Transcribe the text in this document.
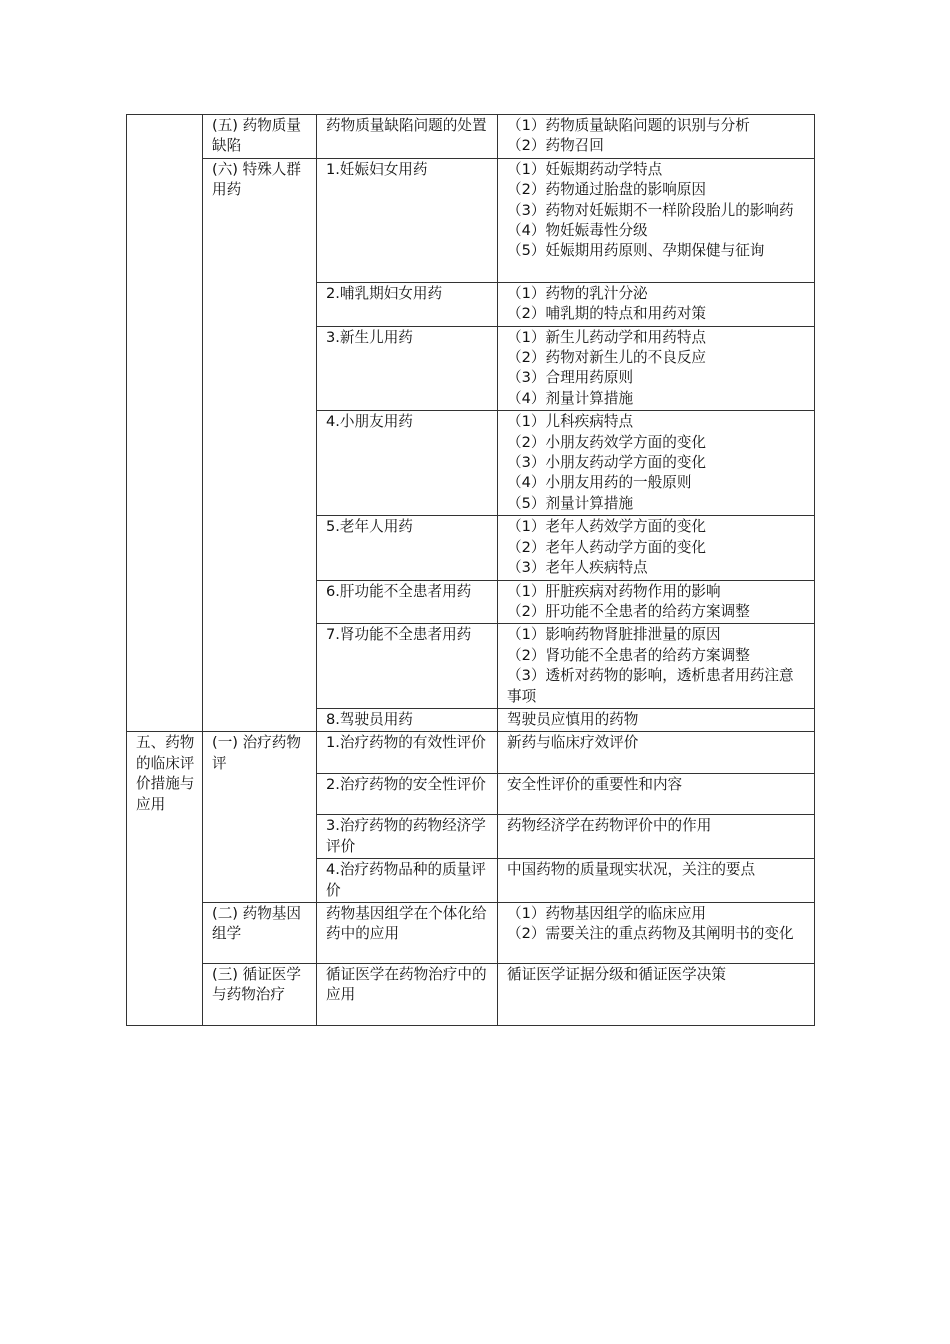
	(五) 药物质量缺陷	药物质量缺陷问题的处置	（1）药物质量缺陷问题的识别与分析
（2）药物召回

	(六) 特殊人群用药	1.妊娠妇女用药	（1）妊娠期药动学特点
（2）药物通过胎盘的影响原因
（3）药物对妊娠期不一样阶段胎儿的影响药
（4）物妊娠毒性分级
（5）妊娠期用药原则、孕期保健与征询

		2.哺乳期妇女用药	（1）药物的乳汁分泌
（2）哺乳期的特点和用药对策

		3.新生儿用药	（1）新生儿药动学和用药特点
（2）药物对新生儿的不良反应
（3）合理用药原则
（4）剂量计算措施

		4.小朋友用药	（1）儿科疾病特点
（2）小朋友药效学方面的变化
（3）小朋友药动学方面的变化
（4）小朋友用药的一般原则
（5）剂量计算措施

		5.老年人用药	（1）老年人药效学方面的变化
（2）老年人药动学方面的变化
（3）老年人疾病特点

		6.肝功能不全患者用药	（1）肝脏疾病对药物作用的影响
（2）肝功能不全患者的给药方案调整

		7.肾功能不全患者用药	（1）影响药物肾脏排泄量的原因
（2）肾功能不全患者的给药方案调整
（3）透析对药物的影响，透析患者用药注意事项

		8.驾驶员用药	驾驶员应慎用的药物

五、药物的临床评价措施与应用	(一) 治疗药物评	1.治疗药物的有效性评价	新药与临床疗效评价

		2.治疗药物的安全性评价	安全性评价的重要性和内容

		3.治疗药物的药物经济学评价	药物经济学在药物评价中的作用

		4.治疗药物品种的质量评价	中国药物的质量现实状况，关注的要点

	(二) 药物基因组学	药物基因组学在个体化给药中的应用	（1）药物基因组学的临床应用
（2）需要关注的重点药物及其阐明书的变化

	(三) 循证医学与药物治疗	循证医学在药物治疗中的应用	循证医学证据分级和循证医学决策
